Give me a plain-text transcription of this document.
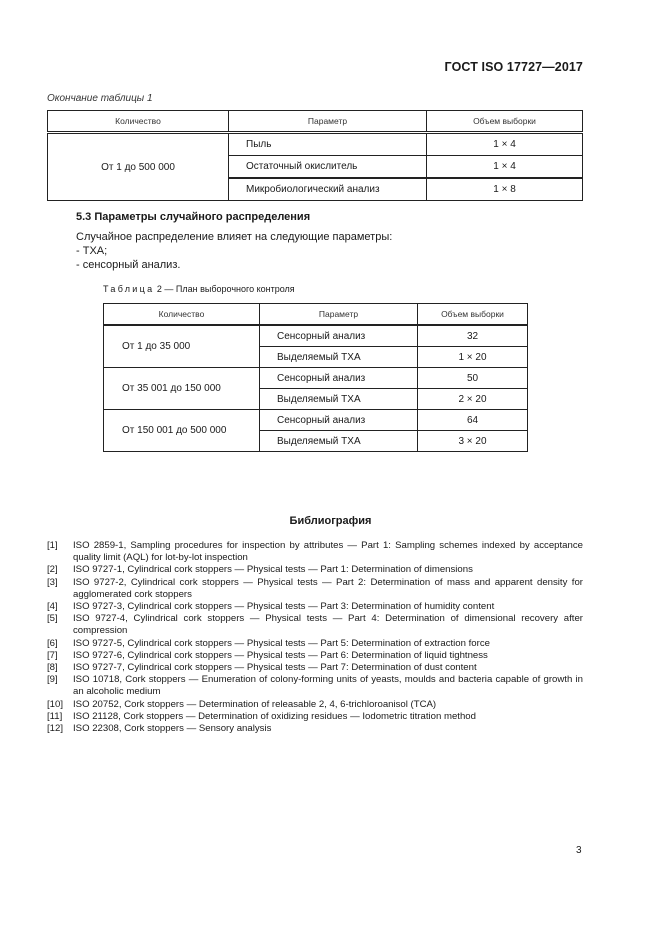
ГОСТ ISO 17727—2017
Окончание таблицы 1
Количество	Параметр	Объем выборки
От 1 до 500 000	Пыль	1 × 4
	Остаточный окислитель	1 × 4
	Микробиологический анализ	1 × 8
5.3 Параметры случайного распределения
Случайное распределение влияет на следующие параметры:
- ТХА;
- сенсорный анализ.
Таблица 2 — План выборочного контроля
Количество	Параметр	Объем выборки
От 1 до 35 000	Сенсорный анализ	32
	Выделяемый ТХА	1 × 20
От 35 001 до 150 000	Сенсорный анализ	50
	Выделяемый ТХА	2 × 20
От 150 001 до 500 000	Сенсорный анализ	64
	Выделяемый ТХА	3 × 20
Библиография
[1]	ISO 2859-1, Sampling procedures for inspection by attributes — Part 1: Sampling schemes indexed by acceptance quality limit (AQL) for lot-by-lot inspection
[2]	ISO 9727-1, Cylindrical cork stoppers — Physical tests — Part 1: Determination of dimensions
[3]	ISO 9727-2, Cylindrical cork stoppers — Physical tests — Part 2: Determination of mass and apparent density for agglomerated cork stoppers
[4]	ISO 9727-3, Cylindrical cork stoppers — Physical tests — Part 3: Determination of humidity content
[5]	ISO 9727-4, Cylindrical cork stoppers — Physical tests — Part 4: Determination of dimensional recovery after compression
[6]	ISO 9727-5, Cylindrical cork stoppers — Physical tests — Part 5: Determination of extraction force
[7]	ISO 9727-6, Cylindrical cork stoppers — Physical tests — Part 6: Determination of liquid tightness
[8]	ISO 9727-7, Cylindrical cork stoppers — Physical tests — Part 7: Determination of dust content
[9]	ISO 10718, Cork stoppers — Enumeration of colony-forming units of yeasts, moulds and bacteria capable of growth in an alcoholic medium
[10]	ISO 20752, Cork stoppers — Determination of releasable 2, 4, 6-trichloroanisol (TCA)
[11]	ISO 21128, Cork stoppers — Determination of oxidizing residues — Iodometric titration method
[12]	ISO 22308, Cork stoppers — Sensory analysis
3
